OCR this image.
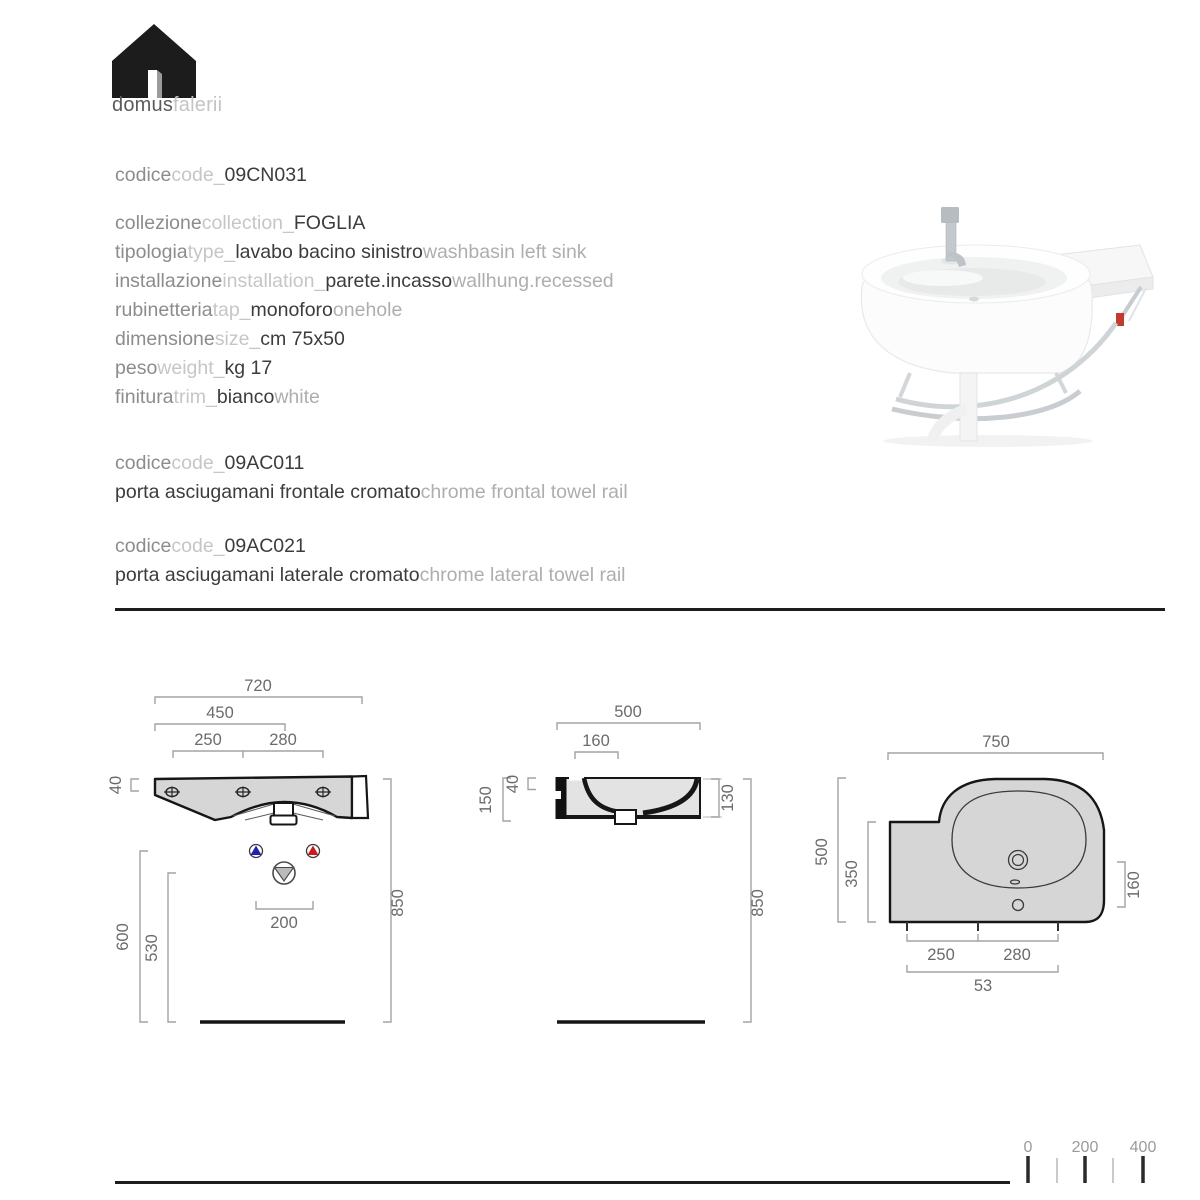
domusfalerii
codicecode_09CN031
collezionecollection_FOGLIA
tipologiatype_lavabo bacino sinistrowashbasin left sink
installazioneinstallation_parete.incassowallhung.recessed
rubinetteriatap_monoforoonehole
dimensionesize_cm 75x50
pesoweight_kg 17
finituratrim_biancowhite
codicecode_09AC011
porta asciugamani frontale cromatochrome frontal towel rail
codicecode_09AC021
porta asciugamani laterale cromatochrome lateral towel rail
720
450
250	280
40
200
600 530
850
500
160
150
40
130
850
750
500
350	160
250	280
53
0 200 400
